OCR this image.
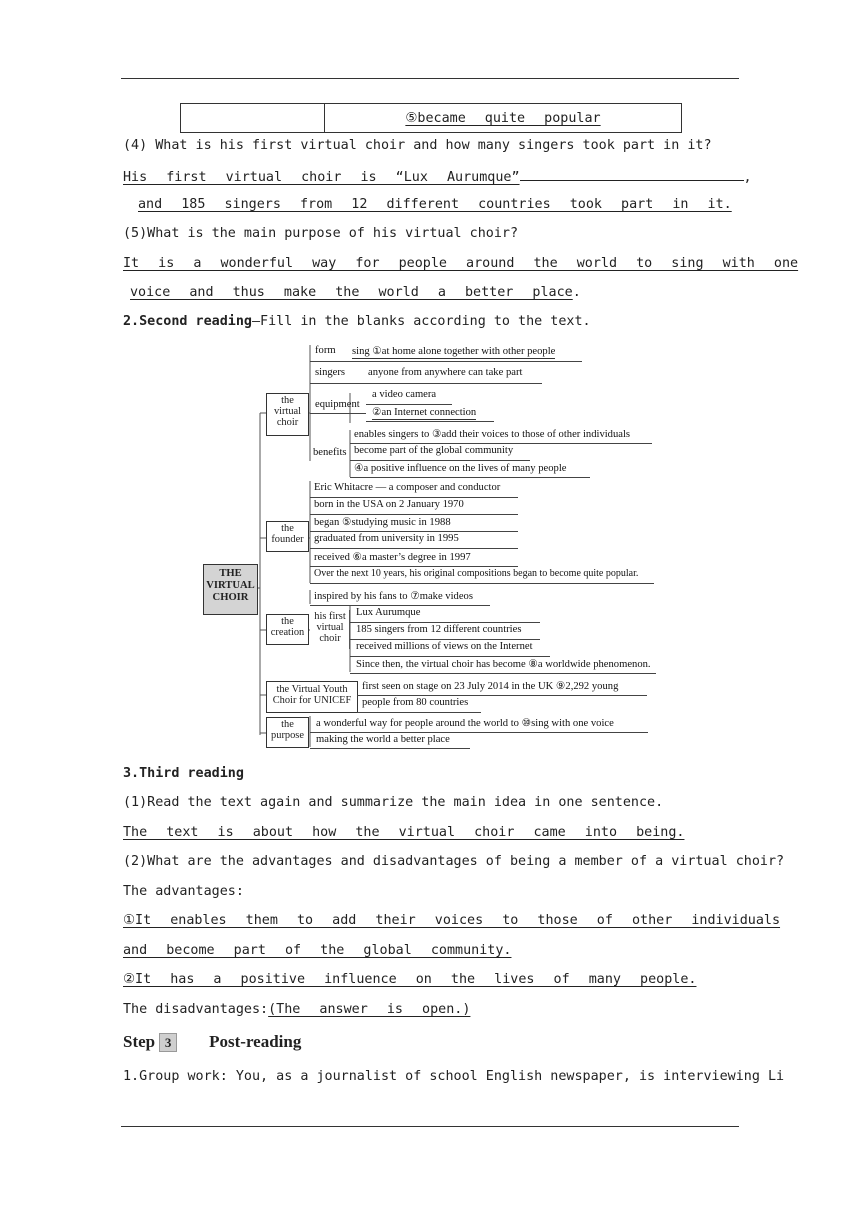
	⑤became quite popular
(4) What is his first virtual choir and how many singers took part in it?
His first virtual choir is “Lux Aurumque”	,
and 185 singers from 12 different countries took part in it.
(5)What is the main purpose of his virtual choir?
It is a wonderful way for people around the world to sing with one
voice and thus make the world a better place.
2.Second reading—Fill in the blanks according to the text.
THE VIRTUAL CHOIR
the virtual choir
form sing ①at home alone together with other people
singers anyone from anywhere can take part
equipment
a video camera
②an Internet connection
benefits
enables singers to ③add their voices to those of other individuals
become part of the global community
④a positive influence on the lives of many people
the founder
Eric Whitacre — a composer and conductor
born in the USA on 2 January 1970
began ⑤studying music in 1988
graduated from university in 1995
received ⑥a master’s degree in 1997
Over the next 10 years, his original compositions began to become quite popular.
the creation
inspired by his fans to ⑦make videos
his first virtual choir
Lux Aurumque
185 singers from 12 different countries
received millions of views on the Internet
Since then, the virtual choir has become ⑧a worldwide phenomenon.
the Virtual Youth Choir for UNICEF
first seen on stage on 23 July 2014 in the UK ⑨2,292 young
people from 80 countries
the purpose
a wonderful way for people around the world to ⑩sing with one voice
making the world a better place
3.Third reading
(1)Read the text again and summarize the main idea in one sentence.
The text is about how the virtual choir came into being.
(2)What are the advantages and disadvantages of being a member of a virtual choir?
The advantages:
①It enables them to add their voices to those of other individuals
and become part of the global community.
②It has a positive influence on the lives of many people.
The disadvantages:(The answer is open.)
Step 3 Post-reading
1.Group work: You, as a journalist of school English newspaper, is interviewing Li
